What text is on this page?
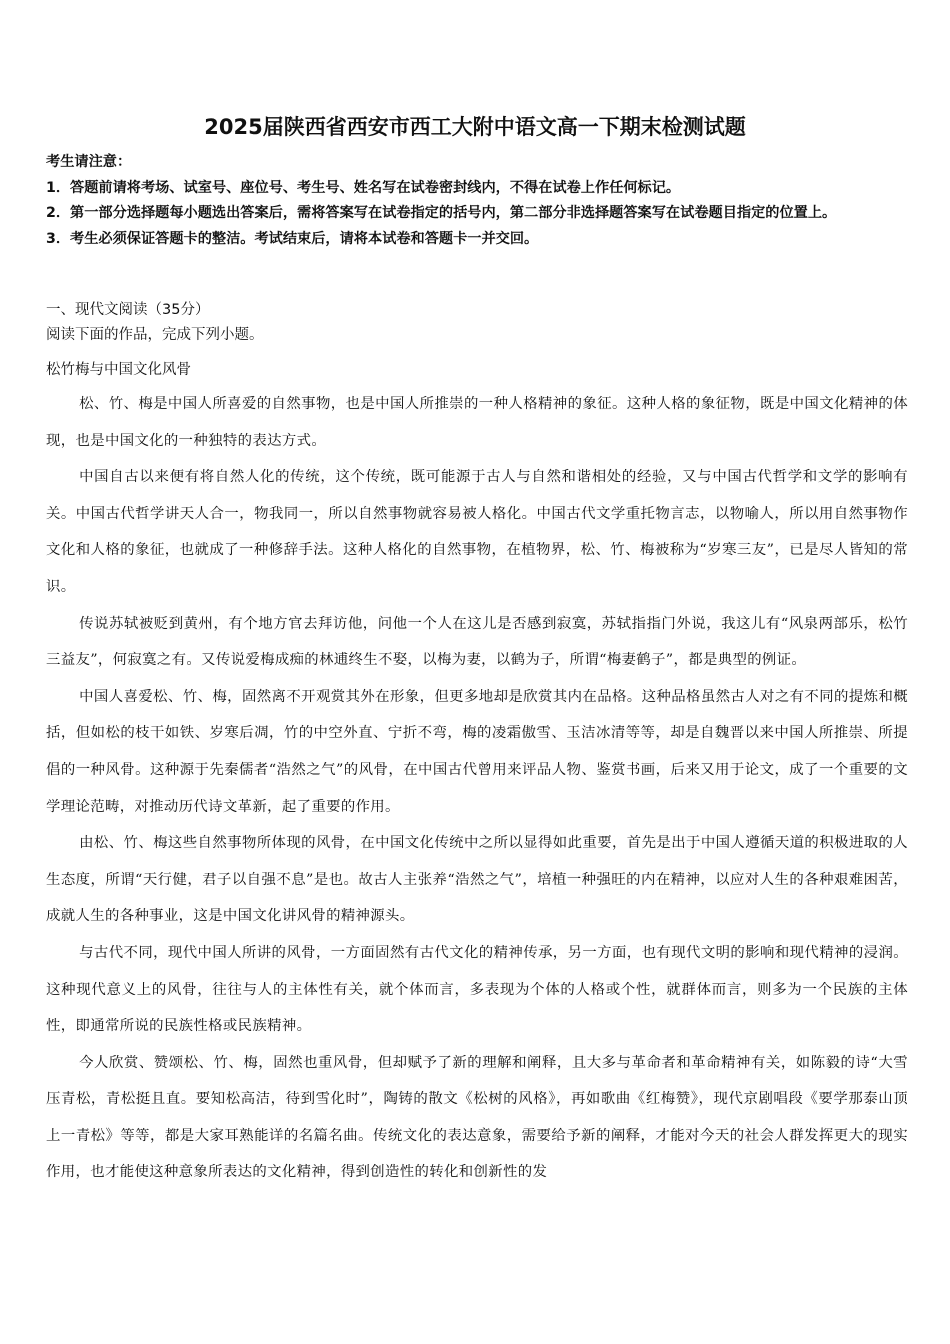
2025届陕西省西安市西工大附中语文高一下期末检测试题

考生请注意：

1．答题前请将考场、试室号、座位号、考生号、姓名写在试卷密封线内，不得在试卷上作任何标记。

2．第一部分选择题每小题选出答案后，需将答案写在试卷指定的括号内，第二部分非选择题答案写在试卷题目指定的位置上。

3．考生必须保证答题卡的整洁。考试结束后，请将本试卷和答题卡一并交回。

一、现代文阅读（35分）
阅读下面的作品，完成下列小题。
松竹梅与中国文化风骨

松、竹、梅是中国人所喜爱的自然事物，也是中国人所推崇的一种人格精神的象征。这种人格的象征物，既是中国文化精神的体现，也是中国文化的一种独特的表达方式。

中国自古以来便有将自然人化的传统，这个传统，既可能源于古人与自然和谐相处的经验，又与中国古代哲学和文学的影响有关。中国古代哲学讲天人合一，物我同一，所以自然事物就容易被人格化。中国古代文学重托物言志，以物喻人，所以用自然事物作文化和人格的象征，也就成了一种修辞手法。这种人格化的自然事物，在植物界，松、竹、梅被称为“岁寒三友”，已是尽人皆知的常识。

传说苏轼被贬到黄州，有个地方官去拜访他，问他一个人在这儿是否感到寂寞，苏轼指指门外说，我这儿有“风泉两部乐，松竹三益友”，何寂寞之有。又传说爱梅成痴的林逋终生不娶，以梅为妻，以鹤为子，所谓“梅妻鹤子”，都是典型的例证。

中国人喜爱松、竹、梅，固然离不开观赏其外在形象，但更多地却是欣赏其内在品格。这种品格虽然古人对之有不同的提炼和概括，但如松的枝干如铁、岁寒后凋，竹的中空外直、宁折不弯，梅的凌霜傲雪、玉洁冰清等等，却是自魏晋以来中国人所推崇、所提倡的一种风骨。这种源于先秦儒者“浩然之气”的风骨，在中国古代曾用来评品人物、鉴赏书画，后来又用于论文，成了一个重要的文学理论范畴，对推动历代诗文革新，起了重要的作用。

由松、竹、梅这些自然事物所体现的风骨，在中国文化传统中之所以显得如此重要，首先是出于中国人遵循天道的积极进取的人生态度，所谓“天行健，君子以自强不息”是也。故古人主张养“浩然之气”，培植一种强旺的内在精神，以应对人生的各种艰难困苦，成就人生的各种事业，这是中国文化讲风骨的精神源头。

与古代不同，现代中国人所讲的风骨，一方面固然有古代文化的精神传承，另一方面，也有现代文明的影响和现代精神的浸润。这种现代意义上的风骨，往往与人的主体性有关，就个体而言，多表现为个体的人格或个性，就群体而言，则多为一个民族的主体性，即通常所说的民族性格或民族精神。

今人欣赏、赞颂松、竹、梅，固然也重风骨，但却赋予了新的理解和阐释，且大多与革命者和革命精神有关，如陈毅的诗“大雪压青松，青松挺且直。要知松高洁，待到雪化时”，陶铸的散文《松树的风格》，再如歌曲《红梅赞》，现代京剧唱段《要学那泰山顶上一青松》等等，都是大家耳熟能详的名篇名曲。传统文化的表达意象，需要给予新的阐释，才能对今天的社会人群发挥更大的现实作用，也才能使这种意象所表达的文化精神，得到创造性的转化和创新性的发
